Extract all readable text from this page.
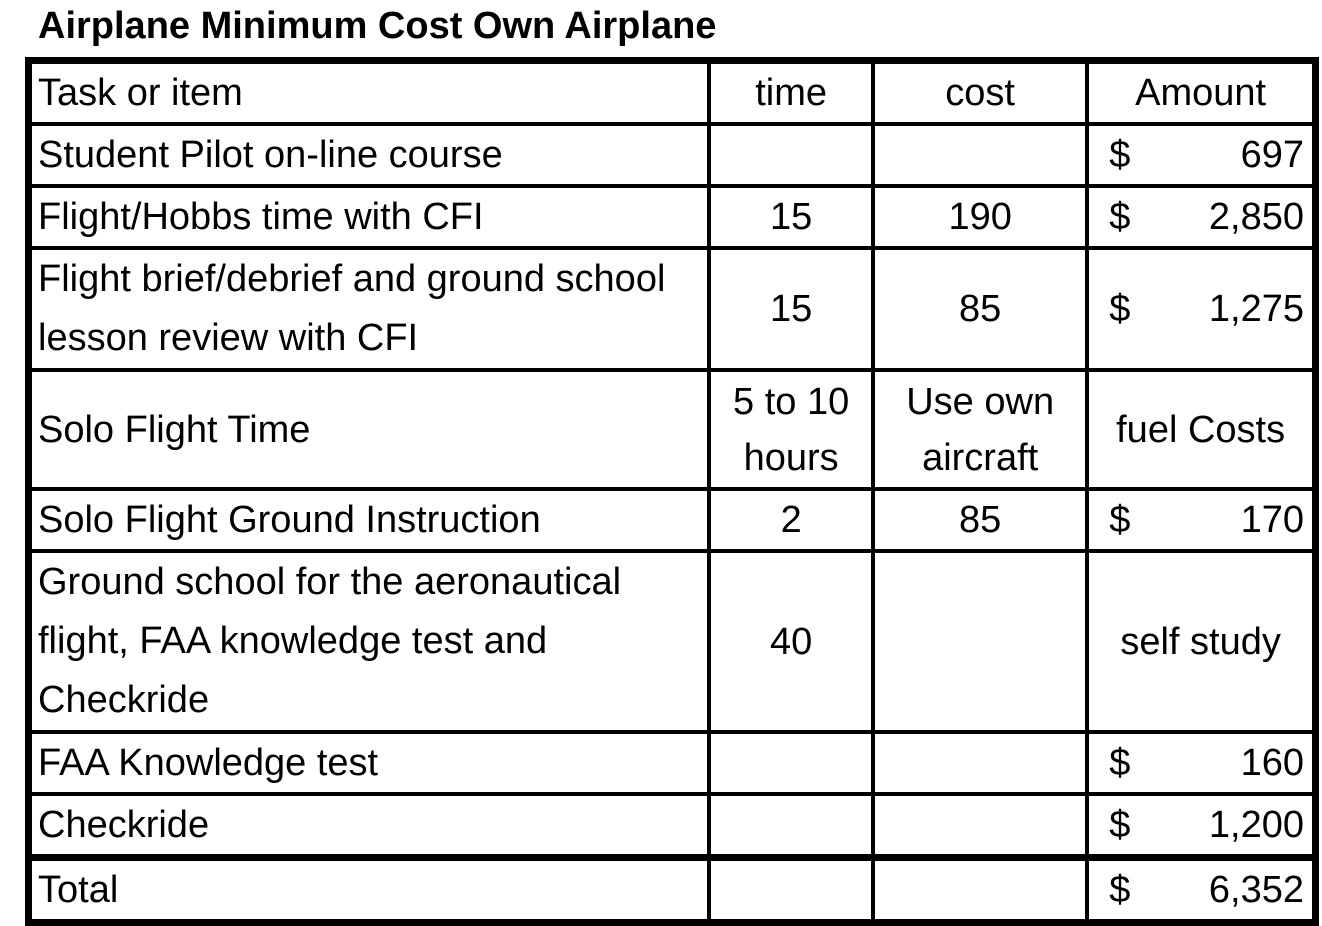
Airplane Minimum Cost Own Airplane
Task or item	time	cost	Amount
Student Pilot on-line course			$ 697

Flight/Hobbs time with CFI	15	190	$ 2,850

Flight brief/debrief and ground school lesson review with CFI	15	85	$ 1,275

Solo Flight Time	5 to 10 hours	Use own aircraft	fuel Costs
Solo Flight Ground Instruction	2	85	$ 170

Ground school for the aeronautical flight, FAA knowledge test and Checkride	40		self study
FAA Knowledge test			$ 160

Checkride			$ 1,200

Total			$ 6,352
